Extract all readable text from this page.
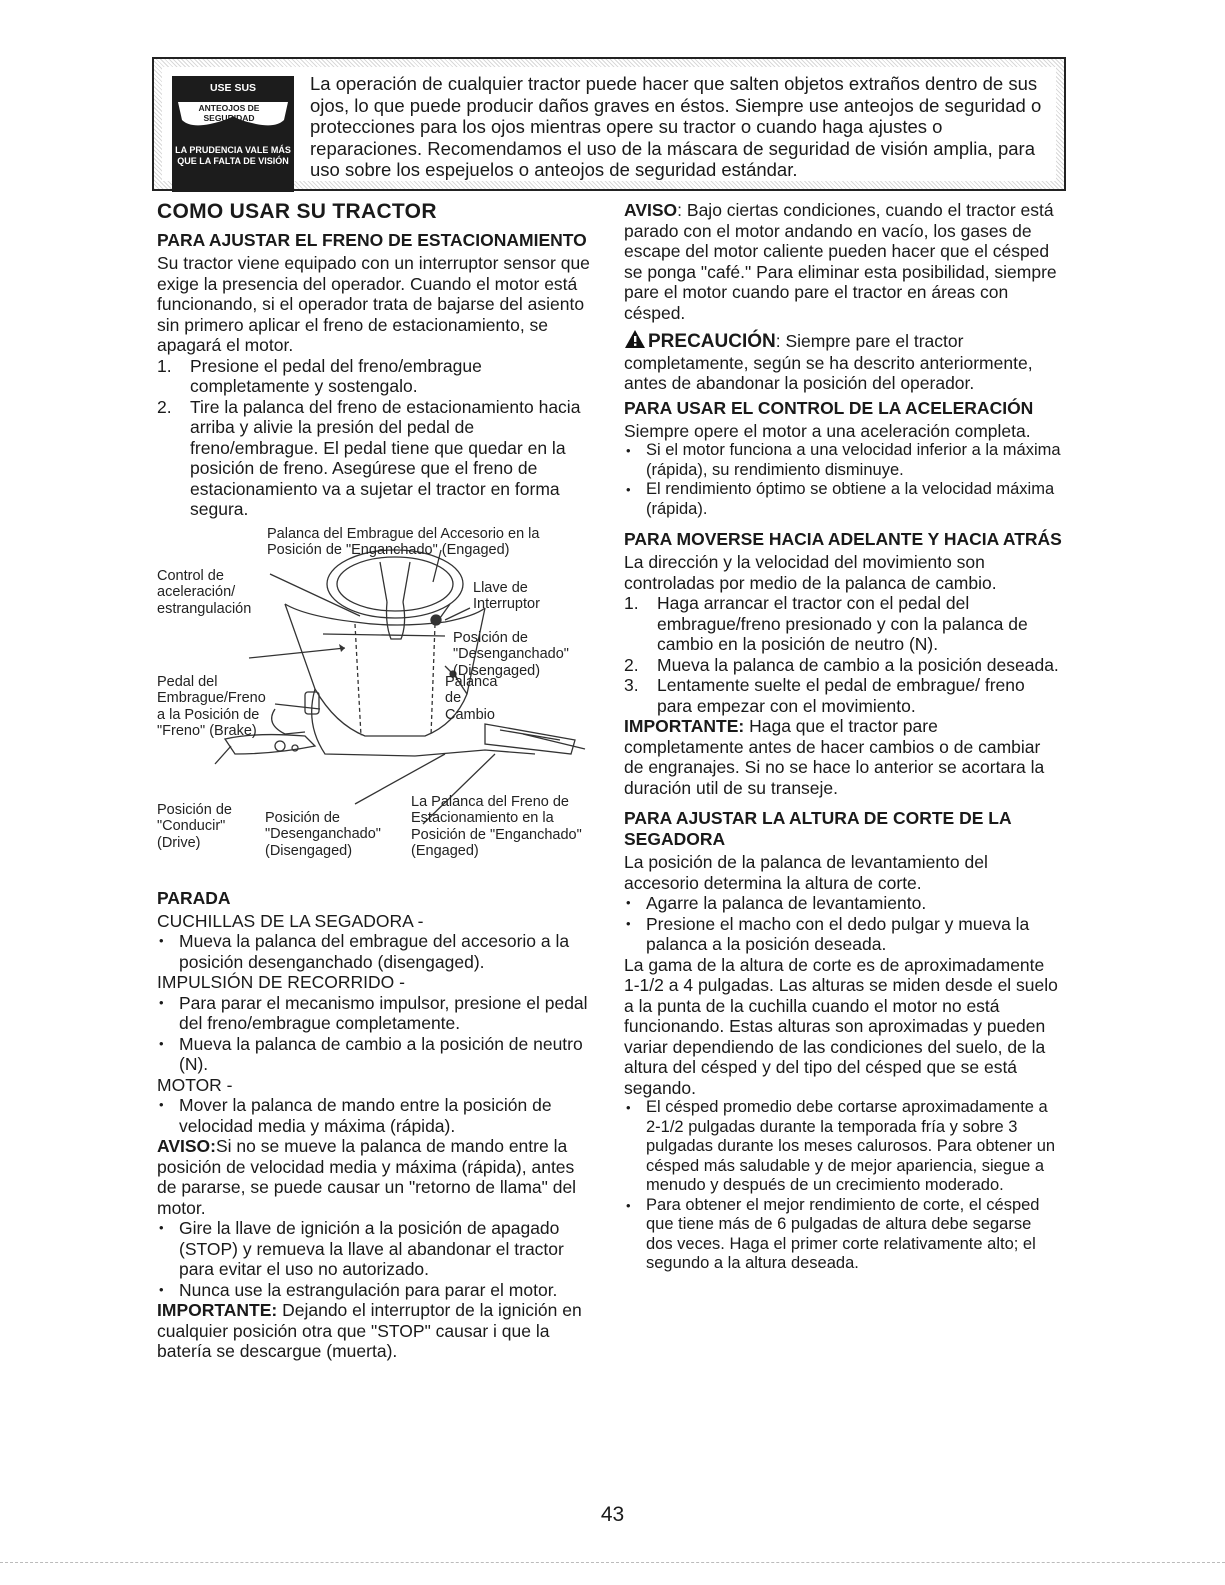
USE SUS
ANTEOJOS DE SEGURIDAD
LA PRUDENCIA VALE MÁS QUE LA FALTA DE VISIÓN
La operación de cualquier tractor puede hacer que salten objetos extraños dentro de sus ojos, lo que puede producir daños graves en éstos. Siempre use anteojos de seguridad o protecciones para los ojos mientras opere su tractor o cuando haga ajustes o reparaciones. Recomendamos el uso de la máscara de seguridad de visión amplia, para uso sobre los espejuelos o anteojos de seguridad estándar.
COMO USAR SU TRACTOR
PARA AJUSTAR EL FRENO DE ESTACIONAMIENTO

Su tractor viene equipado con un interruptor sensor que exige la presencia del operador. Cuando el motor está funcionando, si el operador trata de bajarse del asiento sin primero aplicar el freno de estacionamiento, se apagará el motor.

1. Presione el pedal del freno/embrague completamente y sostengalo.
2. Tire la palanca del freno de estacionamiento hacia arriba y alivie la presión del pedal de freno/embrague. El pedal tiene que quedar en la posición de freno. Asegúrese que el freno de estacionamiento va a sujetar el tractor en forma segura.
Palanca del Embrague del Accesorio en la Posición de "Enganchado" (Engaged)
Control de aceleración/ estrangulación
Llave de Interruptor
Posición de "Desenganchado" (Disengaged)
Pedal del Embrague/Freno a la Posición de "Freno" (Brake)
Palanca de Cambio
La Palanca del Freno de Estacionamiento en la Posición de "Enganchado" (Engaged)
Posición de "Conducir" (Drive)
Posición de "Desenganchado" (Disengaged)
PARADA

CUCHILLAS DE LA SEGADORA -

• Mueva la palanca del embrague del accesorio a la posición desenganchado (disengaged).

IMPULSIÓN DE RECORRIDO -

• Para parar el mecanismo impulsor, presione el pedal del freno/embrague completamente.
• Mueva la palanca de cambio a la posición de neutro (N).

MOTOR -

• Mover la palanca de mando entre la posición de velocidad media y máxima (rápida).

AVISO:Si no se mueve la palanca de mando entre la posición de velocidad media y máxima (rápida), antes de pararse, se puede causar un "retorno de llama" del motor.

• Gire la llave de ignición a la posición de apagado (STOP) y remueva la llave al abandonar el tractor para evitar el uso no autorizado.
• Nunca use la estrangulación para parar el motor.

IMPORTANTE: Dejando el interruptor de la ignición en cualquier posición otra que "STOP" causar i que la batería se descargue (muerta).

AVISO: Bajo ciertas condiciones, cuando el tractor está parado con el motor andando en vacío, los gases de escape del motor caliente pueden hacer que el césped se ponga "café." Para eliminar esta posibilidad, siempre pare el motor cuando pare el tractor en áreas con césped.

PRECAUCIÓN: Siempre pare el tractor completamente, según se ha descrito anteriormente, antes de abandonar la posición del operador.

PARA USAR EL CONTROL DE LA ACELERACIÓN

Siempre opere el motor a una aceleración completa.

• Si el motor funciona a una velocidad inferior a la máxima (rápida), su rendimiento disminuye.
• El rendimiento óptimo se obtiene a la velocidad máxima (rápida).
PARA MOVERSE HACIA ADELANTE Y HACIA ATRÁS

La dirección y la velocidad del movimiento son controladas por medio de la palanca de cambio.

1. Haga arrancar el tractor con el pedal del embrague/freno presionado y con la palanca de cambio en la posición de neutro (N).
2. Mueva la palanca de cambio a la posición deseada.
3. Lentamente suelte el pedal de embrague/ freno para empezar con el movimiento.

IMPORTANTE: Haga que el tractor pare completamente antes de hacer cambios o de cambiar de engranajes. Si no se hace lo anterior se acortara la duración util de su transeje.

PARA AJUSTAR LA ALTURA DE CORTE DE LA SEGADORA

La posición de la palanca de levantamiento del accesorio determina la altura de corte.

• Agarre la palanca de levantamiento.
• Presione el macho con el dedo pulgar y mueva la palanca a la posición deseada.

La gama de la altura de corte es de aproximadamente 1-1/2 a 4 pulgadas. Las alturas se miden desde el suelo a la punta de la cuchilla cuando el motor no está funcionando. Estas alturas son aproximadas y pueden variar dependiendo de las condiciones del suelo, de la altura del césped y del tipo del césped que se está segando.

• El césped promedio debe cortarse aproximadamente a 2-1/2 pulgadas durante la temporada fría y sobre 3 pulgadas durante los meses calurosos. Para obtener un césped más saludable y de mejor apariencia, siegue a menudo y después de un crecimiento moderado.
• Para obtener el mejor rendimiento de corte, el césped que tiene más de 6 pulgadas de altura debe segarse dos veces. Haga el primer corte relativamente alto; el segundo a la altura deseada.
43
